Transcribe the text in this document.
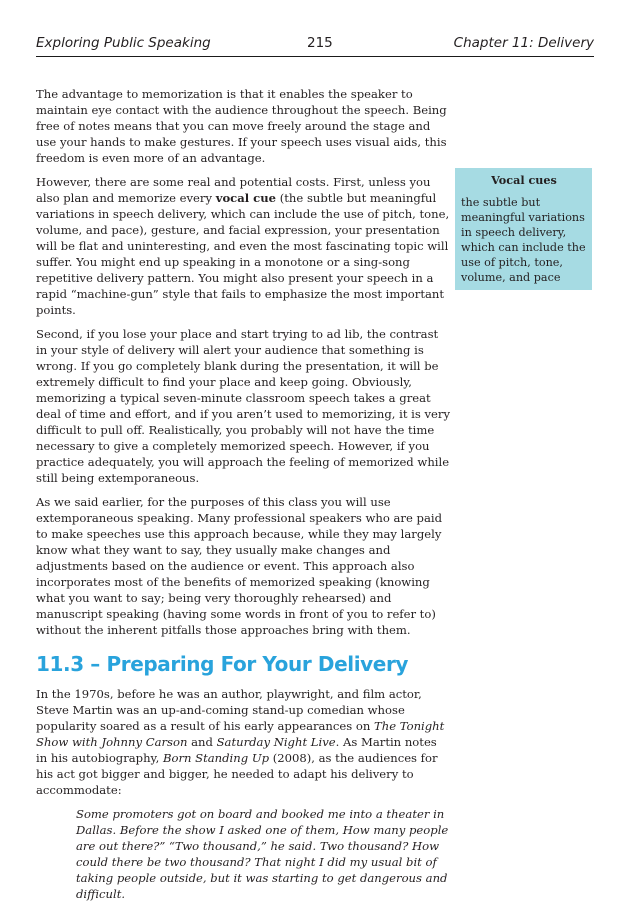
Exploring Public Speaking	215	Chapter 11: Delivery

The advantage to memorization is that it enables the speaker to maintain eye contact with the audience throughout the speech. Being free of notes means that you can move freely around the stage and use your hands to make gestures. If your speech uses visual aids, this freedom is even more of an advantage.

However, there are some real and potential costs. First, unless you also plan and memorize every vocal cue (the subtle but meaningful variations in speech delivery, which can include the use of pitch, tone, volume, and pace), gesture, and facial expression, your presentation will be flat and uninteresting, and even the most fascinating topic will suffer. You might end up speaking in a monotone or a sing-song repetitive delivery pattern. You might also present your speech in a rapid “machine-gun” style that fails to emphasize the most important points.

Second, if you lose your place and start trying to ad lib, the contrast in your style of delivery will alert your audience that something is wrong. If you go completely blank during the presentation, it will be extremely difficult to find your place and keep going. Obviously, memorizing a typical seven-minute classroom speech takes a great deal of time and effort, and if you aren’t used to memorizing, it is very difficult to pull off. Realistically, you probably will not have the time necessary to give a completely memorized speech. However, if you practice adequately, you will approach the feeling of memorized while still being extemporaneous.

As we said earlier, for the purposes of this class you will use extemporaneous speaking. Many professional speakers who are paid to make speeches use this approach because, while they may largely know what they want to say, they usually make changes and adjustments based on the audience or event. This approach also incorporates most of the benefits of memorized speaking (knowing what you want to say; being very thoroughly rehearsed) and manuscript speaking (having some words in front of you to refer to) without the inherent pitfalls those approaches bring with them.

11.3 – Preparing For Your Delivery

In the 1970s, before he was an author, playwright, and film actor, Steve Martin was an up-and-coming stand-up comedian whose popularity soared as a result of his early appearances on The Tonight Show with Johnny Carson and Saturday Night Live. As Martin notes in his autobiography, Born Standing Up (2008), as the audiences for his act got bigger and bigger, he needed to adapt his delivery to accommodate:

Some promoters got on board and booked me into a theater in Dallas. Before the show I asked one of them, How many people are out there?” “Two thousand,” he said. Two thousand? How could there be two thousand? That night I did my usual bit of taking people outside, but it was starting to get dangerous and difficult.
Vocal cues
the subtle but meaningful variations in speech delivery, which can include the use of pitch, tone, volume, and pace
